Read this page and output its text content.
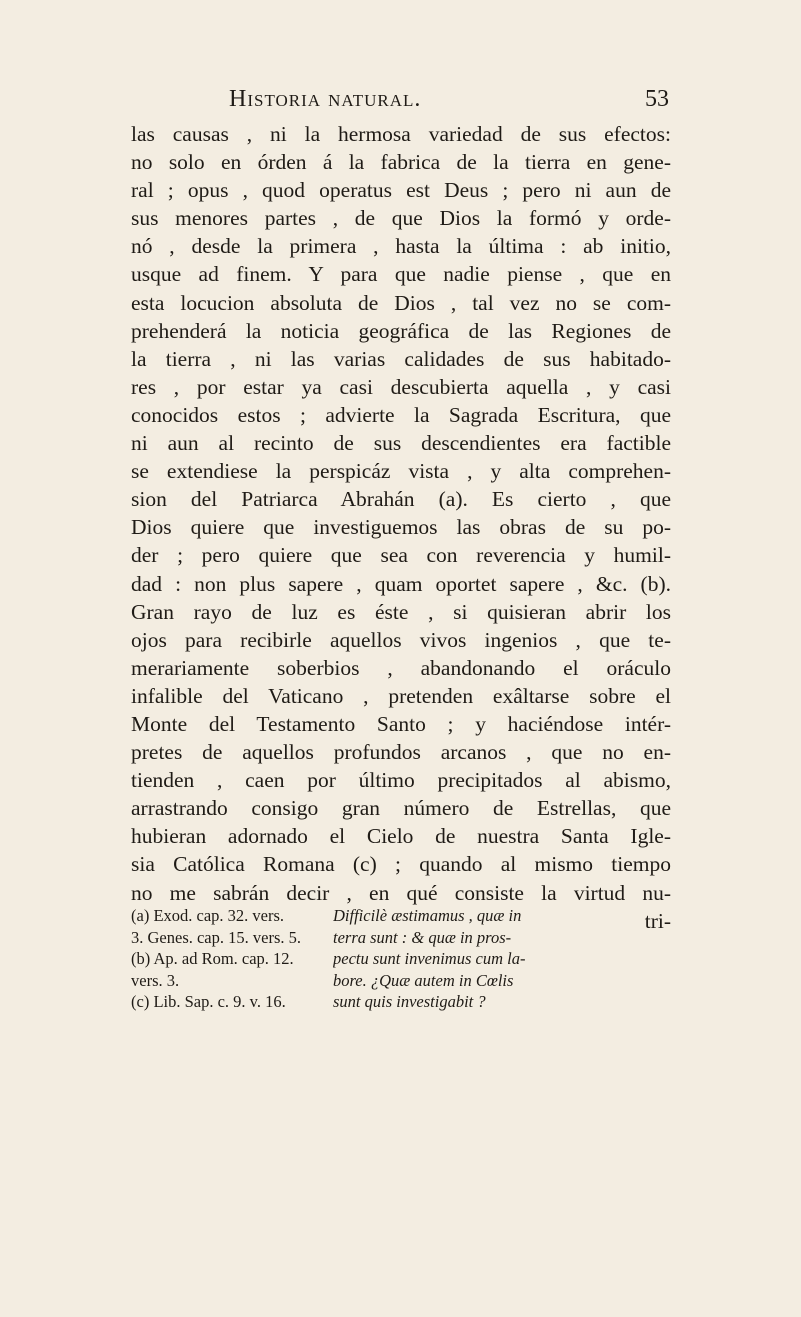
Historia natural.	53
las causas , ni la hermosa variedad de sus efectos:
no solo en órden á la fabrica de la tierra en gene-
ral ; opus , quod operatus est Deus ; pero ni aun de
sus menores partes , de que Dios la formó y orde-
nó , desde la primera , hasta la última : ab initio,
usque ad finem. Y para que nadie piense , que en
esta locucion absoluta de Dios , tal vez no se com-
prehenderá la noticia geográfica de las Regiones de
la tierra , ni las varias calidades de sus habitado-
res , por estar ya casi descubierta aquella , y casi
conocidos estos ; advierte la Sagrada Escritura, que
ni aun al recinto de sus descendientes era factible
se extendiese la perspicáz vista , y alta comprehen-
sion del Patriarca Abrahán (a). Es cierto , que
Dios quiere que investiguemos las obras de su po-
der ; pero quiere que sea con reverencia y humil-
dad : non plus sapere , quam oportet sapere , &c. (b).
Gran rayo de luz es éste , si quisieran abrir los
ojos para recibirle aquellos vivos ingenios , que te-
merariamente soberbios , abandonando el oráculo
infalible del Vaticano , pretenden exâltarse sobre el
Monte del Testamento Santo ; y haciéndose intér-
pretes de aquellos profundos arcanos , que no en-
tienden , caen por último precipitados al abismo,
arrastrando consigo gran número de Estrellas, que
hubieran adornado el Cielo de nuestra Santa Igle-
sia Católica Romana (c) ; quando al mismo tiempo
no me sabrán decir , en qué consiste la virtud nu-
tri-
(a) Exod. cap. 32. vers.
3. Genes. cap. 15. vers. 5.
(b) Ap. ad Rom. cap. 12.
vers. 3.
(c) Lib. Sap. c. 9. v. 16.
Difficilè æstimamus , quæ in
terra sunt : & quæ in pros-
pectu sunt invenimus cum la-
bore. ¿Quæ autem in Cœlis
sunt quis investigabit ?
